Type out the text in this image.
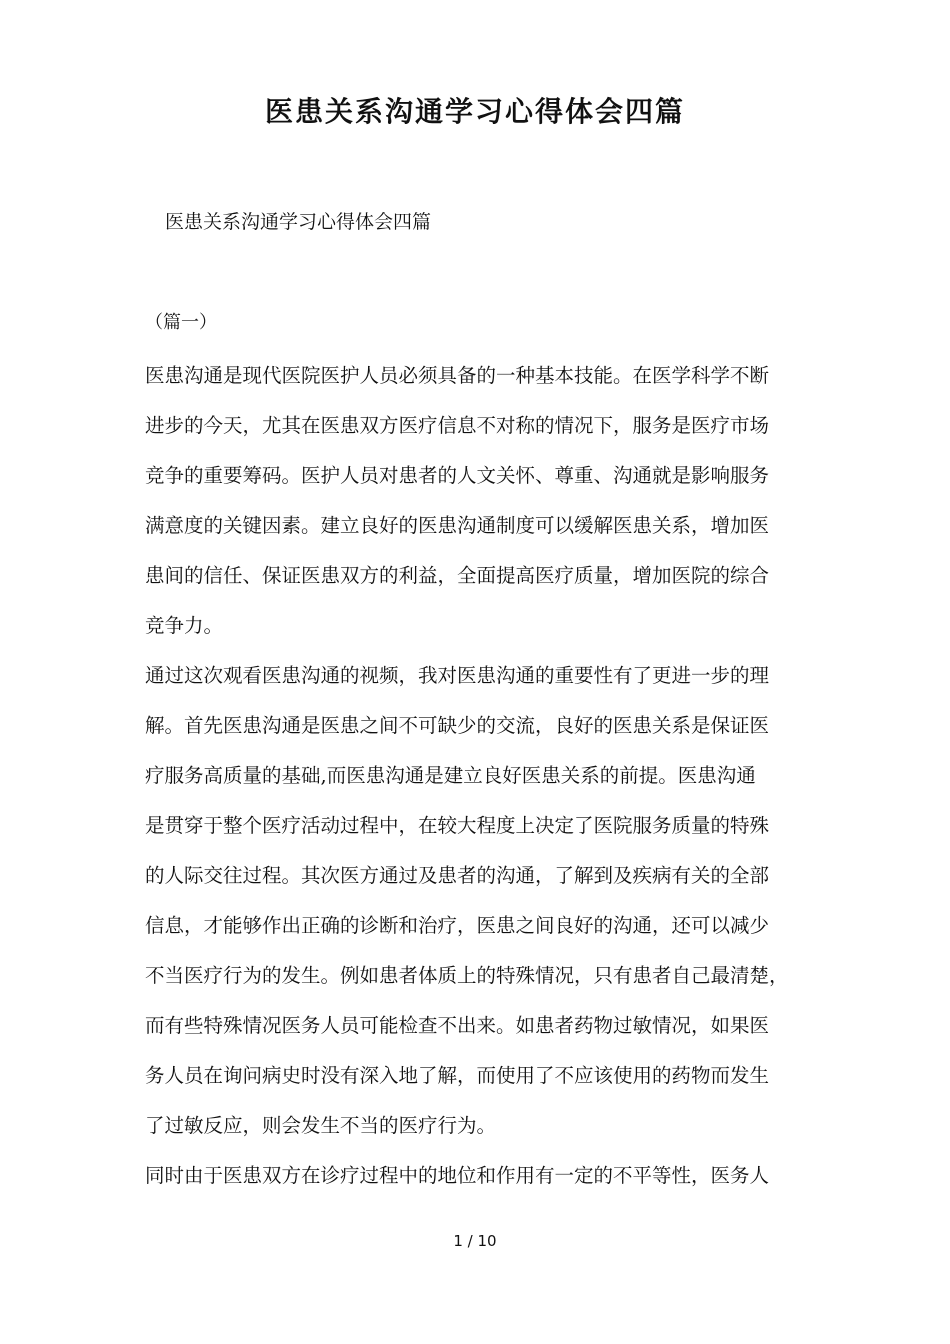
医患关系沟通学习心得体会四篇

医患关系沟通学习心得体会四篇

（篇一）

医患沟通是现代医院医护人员必须具备的一种基本技能。在医学科学不断
进步的今天，尤其在医患双方医疗信息不对称的情况下，服务是医疗市场
竞争的重要筹码。医护人员对患者的人文关怀、尊重、沟通就是影响服务
满意度的关键因素。建立良好的医患沟通制度可以缓解医患关系，增加医
患间的信任、保证医患双方的利益，全面提高医疗质量，增加医院的综合
竞争力。

通过这次观看医患沟通的视频，我对医患沟通的重要性有了更进一步的理
解。首先医患沟通是医患之间不可缺少的交流，良好的医患关系是保证医
疗服务高质量的基础,而医患沟通是建立良好医患关系的前提。医患沟通
是贯穿于整个医疗活动过程中，在较大程度上决定了医院服务质量的特殊
的人际交往过程。其次医方通过及患者的沟通，了解到及疾病有关的全部
信息，才能够作出正确的诊断和治疗，医患之间良好的沟通，还可以减少
不当医疗行为的发生。例如患者体质上的特殊情况，只有患者自己最清楚，
而有些特殊情况医务人员可能检查不出来。如患者药物过敏情况，如果医
务人员在询问病史时没有深入地了解，而使用了不应该使用的药物而发生
了过敏反应，则会发生不当的医疗行为。

同时由于医患双方在诊疗过程中的地位和作用有一定的不平等性，医务人

1 / 10
